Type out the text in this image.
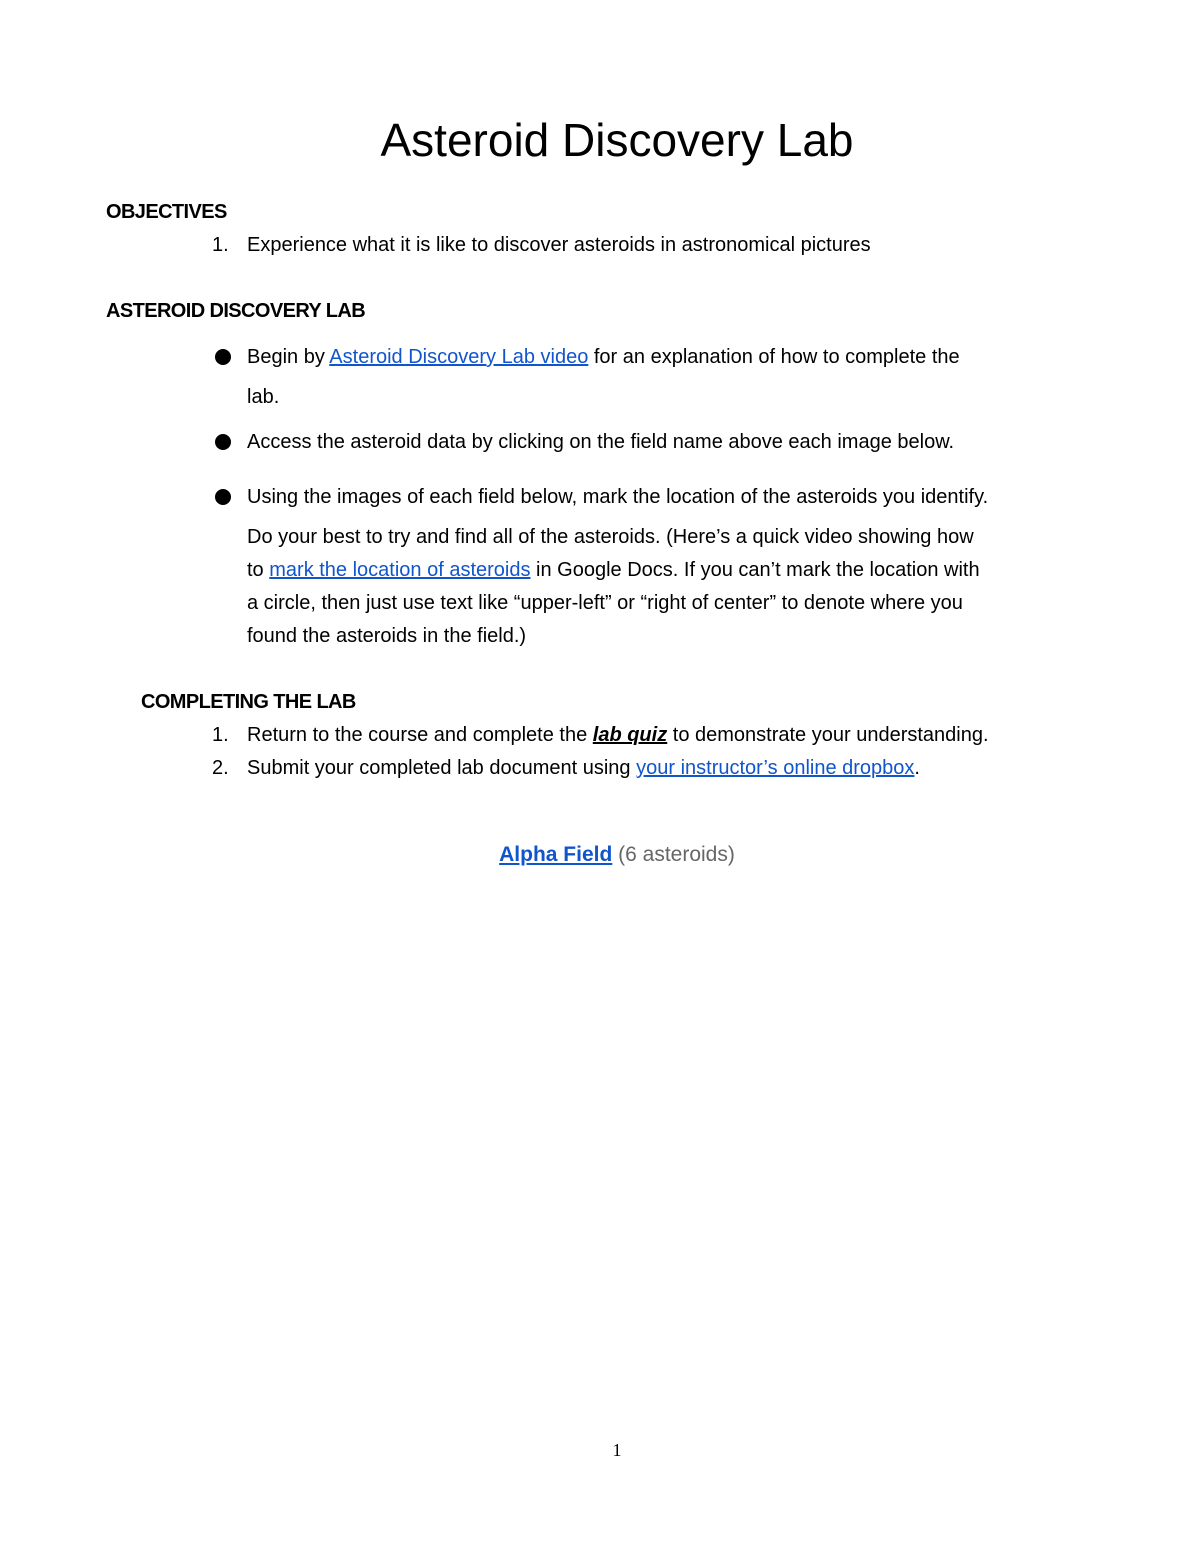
Asteroid Discovery Lab
OBJECTIVES
1. Experience what it is like to discover asteroids in astronomical pictures

ASTEROID DISCOVERY LAB

Begin by Asteroid Discovery Lab video for an explanation of how to complete the

lab.

Access the asteroid data by clicking on the field name above each image below.

Using the images of each field below, mark the location of the asteroids you identify.

Do your best to try and find all of the asteroids. (Here’s a quick video showing how

to mark the location of asteroids in Google Docs. If you can’t mark the location with

a circle, then just use text like “upper-left” or “right of center” to denote where you

found the asteroids in the field.)

COMPLETING THE LAB
1. Return to the course and complete the lab quiz to demonstrate your understanding.

2. Submit your completed lab document using your instructor’s online dropbox.

Alpha Field (6 asteroids)

1
